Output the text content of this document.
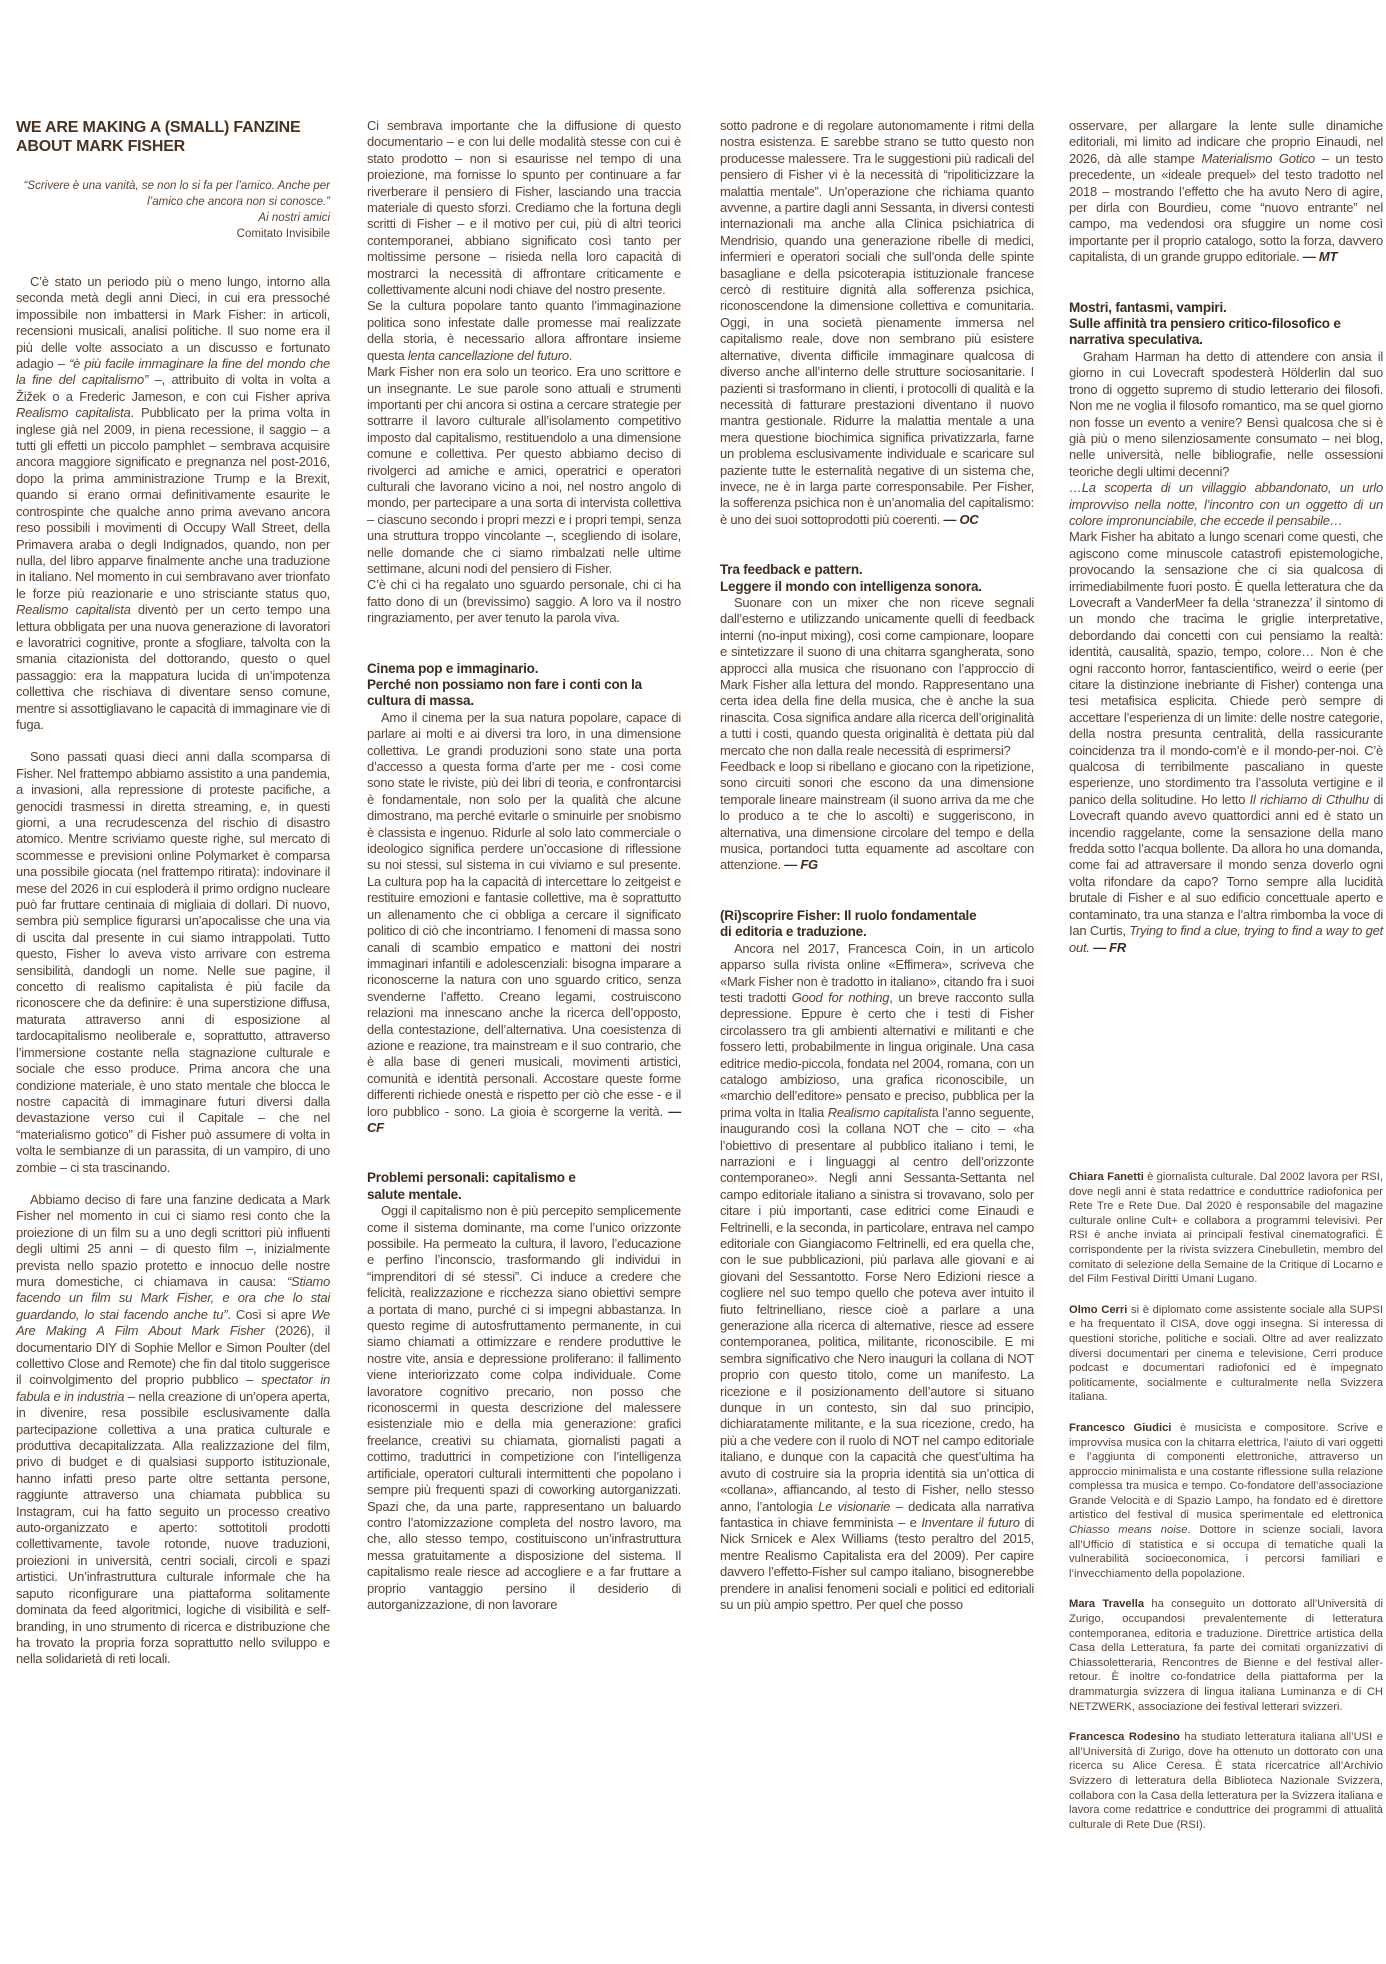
WE ARE MAKING A (SMALL) FANZINE ABOUT MARK FISHER
“Scrivere è una vanità, se non lo si fa per l’amico. Anche per l’amico che ancora non si conosce.”
Ai nostri amici
Comitato Invisibile

C’è stato un periodo più o meno lungo, intorno alla seconda metà degli anni Dieci, in cui era pressoché impossibile non imbattersi in Mark Fisher: in articoli, recensioni musicali, analisi politiche. Il suo nome era il più delle volte associato a un discusso e fortunato adagio – “è più facile immaginare la fine del mondo che la fine del capitalismo” –, attribuito di volta in volta a Žižek o a Frederic Jameson, e con cui Fisher apriva Realismo capitalista. Pubblicato per la prima volta in inglese già nel 2009, in piena recessione, il saggio – a tutti gli effetti un piccolo pamphlet – sembrava acquisire ancora maggiore significato e pregnanza nel post-2016, dopo la prima amministrazione Trump e la Brexit, quando si erano ormai definitivamente esaurite le controspinte che qualche anno prima avevano ancora reso possibili i movimenti di Occupy Wall Street, della Primavera araba o degli Indignados, quando, non per nulla, del libro apparve finalmente anche una traduzione in italiano. Nel momento in cui sembravano aver trionfato le forze più reazionarie e uno strisciante status quo, Realismo capitalista diventò per un certo tempo una lettura obbligata per una nuova generazione di lavoratori e lavoratrici cognitive, pronte a sfogliare, talvolta con la smania citazionista del dottorando, questo o quel passaggio: era la mappatura lucida di un’impotenza collettiva che rischiava di diventare senso comune, mentre si assottigliavano le capacità di immaginare vie di fuga.

Sono passati quasi dieci anni dalla scomparsa di Fisher. Nel frattempo abbiamo assistito a una pandemia, a invasioni, alla repressione di proteste pacifiche, a genocidi trasmessi in diretta streaming, e, in questi giorni, a una recrudescenza del rischio di disastro atomico. Mentre scriviamo queste righe, sul mercato di scommesse e previsioni online Polymarket è comparsa una possibile giocata (nel frattempo ritirata): indovinare il mese del 2026 in cui esploderà il primo ordigno nucleare può far fruttare centinaia di migliaia di dollari. Di nuovo, sembra più semplice figurarsi un’apocalisse che una via di uscita dal presente in cui siamo intrappolati. Tutto questo, Fisher lo aveva visto arrivare con estrema sensibilità, dandogli un nome. Nelle sue pagine, il concetto di realismo capitalista è più facile da riconoscere che da definire: è una superstizione diffusa, maturata attraverso anni di esposizione al tardocapitalismo neoliberale e, soprattutto, attraverso l’immersione costante nella stagnazione culturale e sociale che esso produce. Prima ancora che una condizione materiale, è uno stato mentale che blocca le nostre capacità di immaginare futuri diversi dalla devastazione verso cui il Capitale – che nel “materialismo gotico” di Fisher può assumere di volta in volta le sembianze di un parassita, di un vampiro, di uno zombie – ci sta trascinando.

Abbiamo deciso di fare una fanzine dedicata a Mark Fisher nel momento in cui ci siamo resi conto che la proiezione di un film su a uno degli scrittori più influenti degli ultimi 25 anni – di questo film –, inizialmente prevista nello spazio protetto e innocuo delle nostre mura domestiche, ci chiamava in causa: “Stiamo facendo un film su Mark Fisher, e ora che lo stai guardando, lo stai facendo anche tu”. Così si apre We Are Making A Film About Mark Fisher (2026), il documentario DIY di Sophie Mellor e Simon Poulter (del collettivo Close and Remote) che fin dal titolo suggerisce il coinvolgimento del proprio pubblico – spectator in fabula e in industria – nella creazione di un’opera aperta, in divenire, resa possibile esclusivamente dalla partecipazione collettiva a una pratica culturale e produttiva decapitalizzata. Alla realizzazione del film, privo di budget e di qualsiasi supporto istituzionale, hanno infatti preso parte oltre settanta persone, raggiunte attraverso una chiamata pubblica su Instagram, cui ha fatto seguito un processo creativo auto-organizzato e aperto: sottotitoli prodotti collettivamente, tavole rotonde, nuove traduzioni, proiezioni in università, centri sociali, circoli e spazi artistici. Un’infrastruttura culturale informale che ha saputo riconfigurare una piattaforma solitamente dominata da feed algoritmici, logiche di visibilità e self-branding, in uno strumento di ricerca e distribuzione che ha trovato la propria forza soprattutto nello sviluppo e nella solidarietà di reti locali.

Ci sembrava importante che la diffusione di questo documentario – e con lui delle modalità stesse con cui è stato prodotto – non si esaurisse nel tempo di una proiezione, ma fornisse lo spunto per continuare a far riverberare il pensiero di Fisher, lasciando una traccia materiale di questo sforzi. Crediamo che la fortuna degli scritti di Fisher – e il motivo per cui, più di altri teorici contemporanei, abbiano significato così tanto per moltissime persone – risieda nella loro capacità di mostrarci la necessità di affrontare criticamente e collettivamente alcuni nodi chiave del nostro presente.

Se la cultura popolare tanto quanto l’immaginazione politica sono infestate dalle promesse mai realizzate della storia, è necessario allora affrontare insieme questa lenta cancellazione del futuro.

Mark Fisher non era solo un teorico. Era uno scrittore e un insegnante. Le sue parole sono attuali e strumenti importanti per chi ancora si ostina a cercare strategie per sottrarre il lavoro culturale all’isolamento competitivo imposto dal capitalismo, restituendolo a una dimensione comune e collettiva. Per questo abbiamo deciso di rivolgerci ad amiche e amici, operatrici e operatori culturali che lavorano vicino a noi, nel nostro angolo di mondo, per partecipare a una sorta di intervista collettiva – ciascuno secondo i propri mezzi e i propri tempi, senza una struttura troppo vincolante –, scegliendo di isolare, nelle domande che ci siamo rimbalzati nelle ultime settimane, alcuni nodi del pensiero di Fisher.

C’è chi ci ha regalato uno sguardo personale, chi ci ha fatto dono di un (brevissimo) saggio. A loro va il nostro ringraziamento, per aver tenuto la parola viva.

Cinema pop e immaginario.
Perché non possiamo non fare i conti con la cultura di massa.

Amo il cinema per la sua natura popolare, capace di parlare ai molti e ai diversi tra loro, in una dimensione collettiva. Le grandi produzioni sono state una porta d’accesso a questa forma d’arte per me - così come sono state le riviste, più dei libri di teoria, e confrontarcisi è fondamentale, non solo per la qualità che alcune dimostrano, ma perché evitarle o sminuirle per snobismo è classista e ingenuo. Ridurle al solo lato commerciale o ideologico significa perdere un’occasione di riflessione su noi stessi, sul sistema in cui viviamo e sul presente. La cultura pop ha la capacità di intercettare lo zeitgeist e restituire emozioni e fantasie collettive, ma è soprattutto un allenamento che ci obbliga a cercare il significato politico di ciò che incontriamo. I fenomeni di massa sono canali di scambio empatico e mattoni dei nostri immaginari infantili e adolescenziali: bisogna imparare a riconoscerne la natura con uno sguardo critico, senza svenderne l’affetto. Creano legami, costruiscono relazioni ma innescano anche la ricerca dell’opposto, della contestazione, dell’alternativa. Una coesistenza di azione e reazione, tra mainstream e il suo contrario, che è alla base di generi musicali, movimenti artistici, comunità e identità personali. Accostare queste forme differenti richiede onestà e rispetto per ciò che esse - e il loro pubblico - sono. La gioia è scorgerne la verità. — CF

Problemi personali: capitalismo e
salute mentale.

Oggi il capitalismo non è più percepito semplicemente come il sistema dominante, ma come l’unico orizzonte possibile. Ha permeato la cultura, il lavoro, l’educazione e perfino l’inconscio, trasformando gli individui in “imprenditori di sé stessi”. Ci induce a credere che felicità, realizzazione e ricchezza siano obiettivi sempre a portata di mano, purché ci si impegni abbastanza. In questo regime di autosfruttamento permanente, in cui siamo chiamati a ottimizzare e rendere produttive le nostre vite, ansia e depressione proliferano: il fallimento viene interiorizzato come colpa individuale. Come lavoratore cognitivo precario, non posso che riconoscermi in questa descrizione del malessere esistenziale mio e della mia generazione: grafici freelance, creativi su chiamata, giornalisti pagati a cottimo, traduttrici in competizione con l’intelligenza artificiale, operatori culturali intermittenti che popolano i sempre più frequenti spazi di coworking autorganizzati. Spazi che, da una parte, rappresentano un baluardo contro l’atomizzazione completa del nostro lavoro, ma che, allo stesso tempo, costituiscono un’infrastruttura messa gratuitamente a disposizione del sistema. Il capitalismo reale riesce ad accogliere e a far fruttare a proprio vantaggio persino il desiderio di autorganizzazione, di non lavorare

sotto padrone e di regolare autonomamente i ritmi della nostra esistenza. E sarebbe strano se tutto questo non producesse malessere. Tra le suggestioni più radicali del pensiero di Fisher vi è la necessità di “ripoliticizzare la malattia mentale”. Un’operazione che richiama quanto avvenne, a partire dagli anni Sessanta, in diversi contesti internazionali ma anche alla Clinica psichiatrica di Mendrisio, quando una generazione ribelle di medici, infermieri e operatori sociali che sull’onda delle spinte basagliane e della psicoterapia istituzionale francese cercò di restituire dignità alla sofferenza psichica, riconoscendone la dimensione collettiva e comunitaria. Oggi, in una società pienamente immersa nel capitalismo reale, dove non sembrano più esistere alternative, diventa difficile immaginare qualcosa di diverso anche all’interno delle strutture sociosanitarie. I pazienti si trasformano in clienti, i protocolli di qualità e la necessità di fatturare prestazioni diventano il nuovo mantra gestionale. Ridurre la malattia mentale a una mera questione biochimica significa privatizzarla, farne un problema esclusivamente individuale e scaricare sul paziente tutte le esternalità negative di un sistema che, invece, ne è in larga parte corresponsabile. Per Fisher, la sofferenza psichica non è un’anomalia del capitalismo: è uno dei suoi sottoprodotti più coerenti. — OC

Tra feedback e pattern.
Leggere il mondo con intelligenza sonora.

Suonare con un mixer che non riceve segnali dall’esterno e utilizzando unicamente quelli di feedback interni (no-input mixing), così come campionare, loopare e sintetizzare il suono di una chitarra sgangherata, sono approcci alla musica che risuonano con l’approccio di Mark Fisher alla lettura del mondo. Rappresentano una certa idea della fine della musica, che è anche la sua rinascita. Cosa significa andare alla ricerca dell’originalità a tutti i costi, quando questa originalità è dettata più dal mercato che non dalla reale necessità di esprimersi?

Feedback e loop si ribellano e giocano con la ripetizione, sono circuiti sonori che escono da una dimensione temporale lineare mainstream (il suono arriva da me che lo produco a te che lo ascolti) e suggeriscono, in alternativa, una dimensione circolare del tempo e della musica, portandoci tutta equamente ad ascoltare con attenzione. — FG

(Ri)scoprire Fisher: Il ruolo fondamentale
di editoria e traduzione.

Ancora nel 2017, Francesca Coin, in un articolo apparso sulla rivista online «Effimera», scriveva che «Mark Fisher non è tradotto in italiano», citando fra i suoi testi tradotti Good for nothing, un breve racconto sulla depressione. Eppure è certo che i testi di Fisher circolassero tra gli ambienti alternativi e militanti e che fossero letti, probabilmente in lingua originale. Una casa editrice medio-piccola, fondata nel 2004, romana, con un catalogo ambizioso, una grafica riconoscibile, un «marchio dell’editore» pensato e preciso, pubblica per la prima volta in Italia Realismo capitalista l’anno seguente, inaugurando così la collana NOT che – cito – «ha l’obiettivo di presentare al pubblico italiano i temi, le narrazioni e i linguaggi al centro dell’orizzonte contemporaneo». Negli anni Sessanta-Settanta nel campo editoriale italiano a sinistra si trovavano, solo per citare i più importanti, case editrici come Einaudi e Feltrinelli, e la seconda, in particolare, entrava nel campo editoriale con Giangiacomo Feltrinelli, ed era quella che, con le sue pubblicazioni, più parlava alle giovani e ai giovani del Sessantotto. Forse Nero Edizioni riesce a cogliere nel suo tempo quello che poteva aver intuito il fiuto feltrinelliano, riesce cioè a parlare a una generazione alla ricerca di alternative, riesce ad essere contemporanea, politica, militante, riconoscibile. E mi sembra significativo che Nero inauguri la collana di NOT proprio con questo titolo, come un manifesto. La ricezione e il posizionamento dell’autore si situano dunque in un contesto, sin dal suo principio, dichiaratamente militante, e la sua ricezione, credo, ha più a che vedere con il ruolo di NOT nel campo editoriale italiano, e dunque con la capacità che quest’ultima ha avuto di costruire sia la propria identità sia un’ottica di «collana», affiancando, al testo di Fisher, nello stesso anno, l’antologia Le visionarie – dedicata alla narrativa fantastica in chiave femminista – e Inventare il futuro di Nick Srnicek e Alex Williams (testo peraltro del 2015, mentre Realismo Capitalista era del 2009). Per capire davvero l’effetto-Fisher sul campo italiano, bisognerebbe prendere in analisi fenomeni sociali e politici ed editoriali su un più ampio spettro. Per quel che posso

osservare, per allargare la lente sulle dinamiche editoriali, mi limito ad indicare che proprio Einaudi, nel 2026, dà alle stampe Materialismo Gotico – un testo precedente, un «ideale prequel» del testo tradotto nel 2018 – mostrando l’effetto che ha avuto Nero di agire, per dirla con Bourdieu, come “nuovo entrante” nel campo, ma vedendosi ora sfuggire un nome così importante per il proprio catalogo, sotto la forza, davvero capitalista, di un grande gruppo editoriale. — MT

Mostri, fantasmi, vampiri.
Sulle affinità tra pensiero critico-filosofico e narrativa speculativa.

Graham Harman ha detto di attendere con ansia il giorno in cui Lovecraft spodesterà Hölderlin dal suo trono di oggetto supremo di studio letterario dei filosofi. Non me ne voglia il filosofo romantico, ma se quel giorno non fosse un evento a venire? Bensì qualcosa che si è già più o meno silenziosamente consumato – nei blog, nelle università, nelle bibliografie, nelle ossessioni teoriche degli ultimi decenni?

…La scoperta di un villaggio abbandonato, un urlo improvviso nella notte, l’incontro con un oggetto di un colore impronunciabile, che eccede il pensabile…

Mark Fisher ha abitato a lungo scenari come questi, che agiscono come minuscole catastrofi epistemologiche, provocando la sensazione che ci sia qualcosa di irrimediabilmente fuori posto. È quella letteratura che da Lovecraft a VanderMeer fa della ‘stranezza’ il sintomo di un mondo che tracima le griglie interpretative, debordando dai concetti con cui pensiamo la realtà: identità, causalità, spazio, tempo, colore… Non è che ogni racconto horror, fantascientifico, weird o eerie (per citare la distinzione inebriante di Fisher) contenga una tesi metafisica esplicita. Chiede però sempre di accettare l’esperienza di un limite: delle nostre categorie, della nostra presunta centralità, della rassicurante coincidenza tra il mondo-com’è e il mondo-per-noi. C’è qualcosa di terribilmente pascaliano in queste esperienze, uno stordimento tra l’assoluta vertigine e il panico della solitudine. Ho letto Il richiamo di Cthulhu di Lovecraft quando avevo quattordici anni ed è stato un incendio raggelante, come la sensazione della mano fredda sotto l’acqua bollente. Da allora ho una domanda, come fai ad attraversare il mondo senza doverlo ogni volta rifondare da capo? Torno sempre alla lucidità brutale di Fisher e al suo edificio concettuale aperto e contaminato, tra una stanza e l’altra rimbomba la voce di Ian Curtis, Trying to find a clue, trying to find a way to get out. — FR

Chiara Fanetti è giornalista culturale. Dal 2002 lavora per RSI, dove negli anni è stata redattrice e conduttrice radiofonica per Rete Tre e Rete Due. Dal 2020 è responsabile del magazine culturale online Cult+ e collabora a programmi televisivi. Per RSI è anche inviata ai principali festival cinematografici. È corrispondente per la rivista svizzera Cinebulletin, membro del comitato di selezione della Semaine de la Critique di Locarno e del Film Festival Diritti Umani Lugano.

Olmo Cerri si è diplomato come assistente sociale alla SUPSI e ha frequentato il CISA, dove oggi insegna. Si interessa di questioni storiche, politiche e sociali. Oltre ad aver realizzato diversi documentari per cinema e televisione, Cerri produce podcast e documentari radiofonici ed è impegnato politicamente, socialmente e culturalmente nella Svizzera italiana.

Francesco Giudici è musicista e compositore. Scrive e improvvisa musica con la chitarra elettrica, l’aiuto di vari oggetti e l’aggiunta di componenti elettroniche, attraverso un approccio minimalista e una costante riflessione sulla relazione complessa tra musica e tempo. Co-fondatore dell’associazione Grande Velocità e di Spazio Lampo, ha fondato ed è direttore artistico del festival di musica sperimentale ed elettronica Chiasso means noise. Dottore in scienze sociali, lavora all’Ufficio di statistica e si occupa di tematiche quali la vulnerabilità socioeconomica, i percorsi familiari e l’invecchiamento della popolazione.

Mara Travella ha conseguito un dottorato all’Università di Zurigo, occupandosi prevalentemente di letteratura contemporanea, editoria e traduzione. Direttrice artistica della Casa della Letteratura, fa parte dei comitati organizzativi di Chiassoletteraria, Rencontres de Bienne e del festival aller-retour. È inoltre co-fondatrice della piattaforma per la drammaturgia svizzera di lingua italiana Luminanza e di CH NETZWERK, associazione dei festival letterari svizzeri.

Francesca Rodesino ha studiato letteratura italiana all’USI e all’Università di Zurigo, dove ha ottenuto un dottorato con una ricerca su Alice Ceresa. È stata ricercatrice all’Archivio Svizzero di letteratura della Biblioteca Nazionale Svizzera, collabora con la Casa della letteratura per la Svizzera italiana e lavora come redattrice e conduttrice dei programmi di attualità culturale di Rete Due (RSI).
